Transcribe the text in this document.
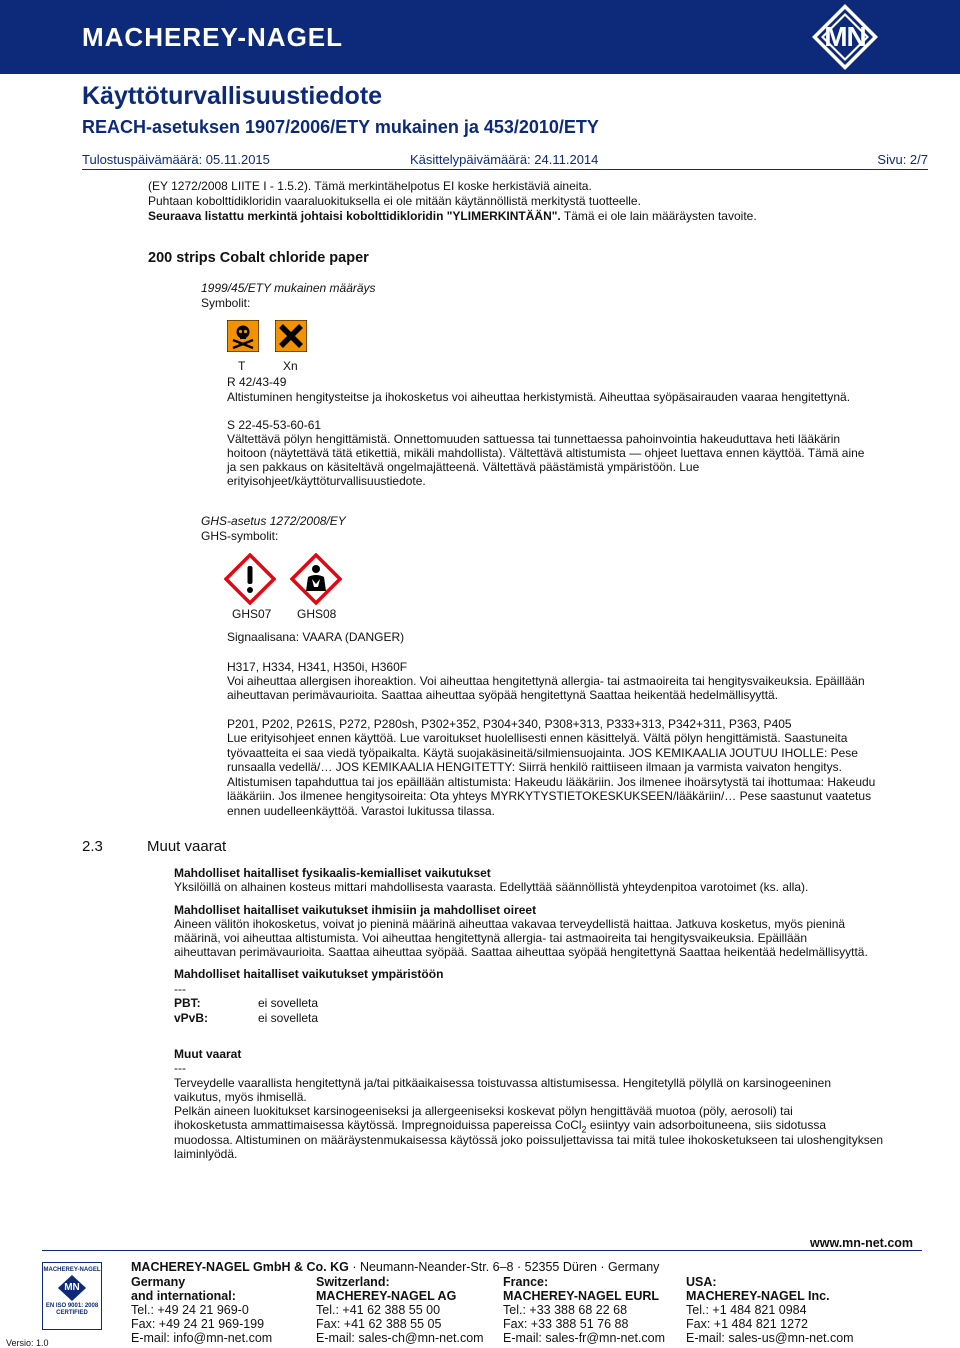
MACHEREY-NAGEL	MN
Käyttöturvallisuustiedote
REACH-asetuksen 1907/2006/ETY mukainen ja 453/2010/ETY
Tulostuspäivämäärä: 05.11.2015	Käsittelypäivämäärä: 24.11.2014	Sivu: 2/7
(EY 1272/2008 LIITE I - 1.5.2). Tämä merkintähelpotus EI koske herkistäviä aineita.
Puhtaan kobolttidikloridin vaaraluokituksella ei ole mitään käytännöllistä merkitystä tuotteelle.
Seuraava listattu merkintä johtaisi kobolttidikloridin "YLIMERKINTÄÄN". Tämä ei ole lain määräysten tavoite.
200 strips Cobalt chloride paper
1999/45/ETY mukainen määräys
Symbolit:
T	Xn
R 42/43-49
Altistuminen hengitysteitse ja ihokosketus voi aiheuttaa herkistymistä. Aiheuttaa syöpäsairauden vaaraa hengitettynä.
S 22-45-53-60-61
Vältettävä pölyn hengittämistä. Onnettomuuden sattuessa tai tunnettaessa pahoinvointia hakeuduttava heti lääkärin
hoitoon (näytettävä tätä etikettiä, mikäli mahdollista). Vältettävä altistumista — ohjeet luettava ennen käyttöä. Tämä aine
ja sen pakkaus on käsiteltävä ongelmajätteenä. Vältettävä päästämistä ympäristöön. Lue
erityisohjeet/käyttöturvallisuustiedote.
GHS-asetus 1272/2008/EY
GHS-symbolit:
GHS07	GHS08
Signaalisana: VAARA (DANGER)
H317, H334, H341, H350i, H360F
Voi aiheuttaa allergisen ihoreaktion. Voi aiheuttaa hengitettynä allergia- tai astmaoireita tai hengitysvaikeuksia. Epäillään
aiheuttavan perimävaurioita. Saattaa aiheuttaa syöpää hengitettynä Saattaa heikentää hedelmällisyyttä.
P201, P202, P261S, P272, P280sh, P302+352, P304+340, P308+313, P333+313, P342+311, P363, P405
Lue erityisohjeet ennen käyttöä. Lue varoitukset huolellisesti ennen käsittelyä. Vältä pölyn hengittämistä. Saastuneita
työvaatteita ei saa viedä työpaikalta. Käytä suojakäsineitä/silmiensuojainta. JOS KEMIKAALIA JOUTUU IHOLLE: Pese
runsaalla vedellä/… JOS KEMIKAALIA HENGITETTY: Siirrä henkilö raittiiseen ilmaan ja varmista vaivaton hengitys.
Altistumisen tapahduttua tai jos epäillään altistumista: Hakeudu lääkäriin. Jos ilmenee ihoärsytystä tai ihottumaa: Hakeudu
lääkäriin. Jos ilmenee hengitysoireita: Ota yhteys MYRKYTYSTIETOKESKUKSEEN/lääkäriin/… Pese saastunut vaatetus
ennen uudelleenkäyttöä. Varastoi lukitussa tilassa.
2.3	Muut vaarat
Mahdolliset haitalliset fysikaalis-kemialliset vaikutukset
Yksilöillä on alhainen kosteus mittari mahdollisesta vaarasta. Edellyttää säännöllistä yhteydenpitoa varotoimet (ks. alla).
Mahdolliset haitalliset vaikutukset ihmisiin ja mahdolliset oireet
Aineen välitön ihokosketus, voivat jo pieninä määrinä aiheuttaa vakavaa terveydellistä haittaa. Jatkuva kosketus, myös pieninä
määrinä, voi aiheuttaa altistumista. Voi aiheuttaa hengitettynä allergia- tai astmaoireita tai hengitysvaikeuksia. Epäillään
aiheuttavan perimävaurioita. Saattaa aiheuttaa syöpää. Saattaa aiheuttaa syöpää hengitettynä Saattaa heikentää hedelmällisyyttä.
Mahdolliset haitalliset vaikutukset ympäristöön
---
PBT:	ei sovelleta
vPvB:	ei sovelleta
Muut vaarat
---
Terveydelle vaarallista hengitettynä ja/tai pitkäaikaisessa toistuvassa altistumisessa. Hengitetyllä pölyllä on karsinogeeninen
vaikutus, myös ihmisellä.
Pelkän aineen luokitukset karsinogeeniseksi ja allergeeniseksi koskevat pölyn hengittävää muotoa (pöly, aerosoli) tai
ihokosketusta ammattimaisessa käytössä. Impregnoiduissa papereissa CoCl$_2$ esiintyy vain adsorboituneena, siis sidotussa
muodossa. Altistuminen on määräystenmukaisessa käytössä joko poissuljettavissa tai mitä tulee ihokosketukseen tai uloshengityksen
laiminlyödä.
www.mn-net.com
MACHEREY-NAGEL
MN
EN ISO 9001: 2008
CERTIFIED
Versio: 1.0
MACHEREY-NAGEL GmbH & Co. KG · Neumann-Neander-Str. 6–8 · 52355 Düren · Germany
Germany
and international:
Tel.: +49 24 21 969-0
Fax: +49 24 21 969-199
E-mail: info@mn-net.com
Switzerland:
MACHEREY-NAGEL AG
Tel.: +41 62 388 55 00
Fax: +41 62 388 55 05
E-mail: sales-ch@mn-net.com
France:
MACHEREY-NAGEL EURL
Tel.: +33 388 68 22 68
Fax: +33 388 51 76 88
E-mail: sales-fr@mn-net.com
USA:
MACHEREY-NAGEL Inc.
Tel.: +1 484 821 0984
Fax: +1 484 821 1272
E-mail: sales-us@mn-net.com
